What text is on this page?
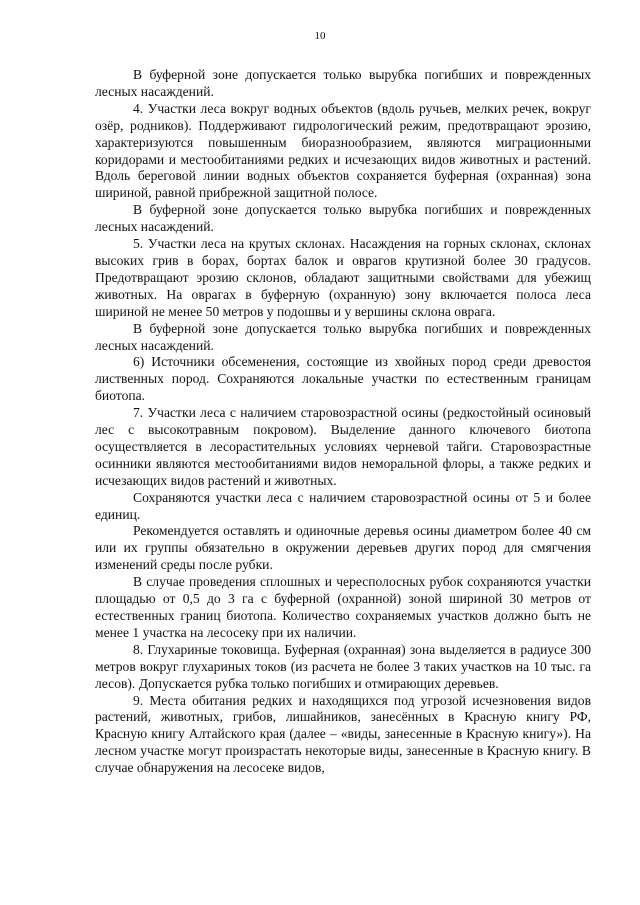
10

В буферной зоне допускается только вырубка погибших и поврежденных лесных насаждений.

4. Участки леса вокруг водных объектов (вдоль ручьев, мелких речек, вокруг озёр, родников). Поддерживают гидрологический режим, предотвращают эрозию, характеризуются повышенным биоразнообразием, являются миграционными коридорами и местообитаниями редких и исчезающих видов животных и растений. Вдоль береговой линии водных объектов сохраняется буферная (охранная) зона шириной, равной прибрежной защитной полосе.

В буферной зоне допускается только вырубка погибших и поврежденных лесных насаждений.

5. Участки леса на крутых склонах. Насаждения на горных склонах, склонах высоких грив в борах, бортах балок и оврагов крутизной более 30 градусов. Предотвращают эрозию склонов, обладают защитными свойствами для убежищ животных. На оврагах в буферную (охранную) зону включается полоса леса шириной не менее 50 метров у подошвы и у вершины склона оврага.

В буферной зоне допускается только вырубка погибших и поврежденных лесных насаждений.

6) Источники обсеменения, состоящие из хвойных пород среди древостоя лиственных пород. Сохраняются локальные участки по естественным границам биотопа.

7. Участки леса с наличием старовозрастной осины (редкостойный осиновый лес с высокотравным покровом). Выделение данного ключевого биотопа осуществляется в лесорастительных условиях черневой тайги. Старовозрастные осинники являются местообитаниями видов неморальной флоры, а также редких и исчезающих видов растений и животных.

Сохраняются участки леса с наличием старовозрастной осины от 5 и более единиц.

Рекомендуется оставлять и одиночные деревья осины диаметром более 40 см или их группы обязательно в окружении деревьев других пород для смягчения изменений среды после рубки.

В случае проведения сплошных и чересполосных рубок сохраняются участки площадью от 0,5 до 3 га с буферной (охранной) зоной шириной 30 метров от естественных границ биотопа. Количество сохраняемых участков должно быть не менее 1 участка на лесосеку при их наличии.

8. Глухариные токовища. Буферная (охранная) зона выделяется в радиусе 300 метров вокруг глухариных токов (из расчета не более 3 таких участков на 10 тыс. га лесов). Допускается рубка только погибших и отмирающих деревьев.

9. Места обитания редких и находящихся под угрозой исчезновения видов растений, животных, грибов, лишайников, занесённых в Красную книгу РФ, Красную книгу Алтайского края (далее – «виды, занесенные в Красную книгу»). На лесном участке могут произрастать некоторые виды, занесенные в Красную книгу. В случае обнаружения на лесосеке видов,
